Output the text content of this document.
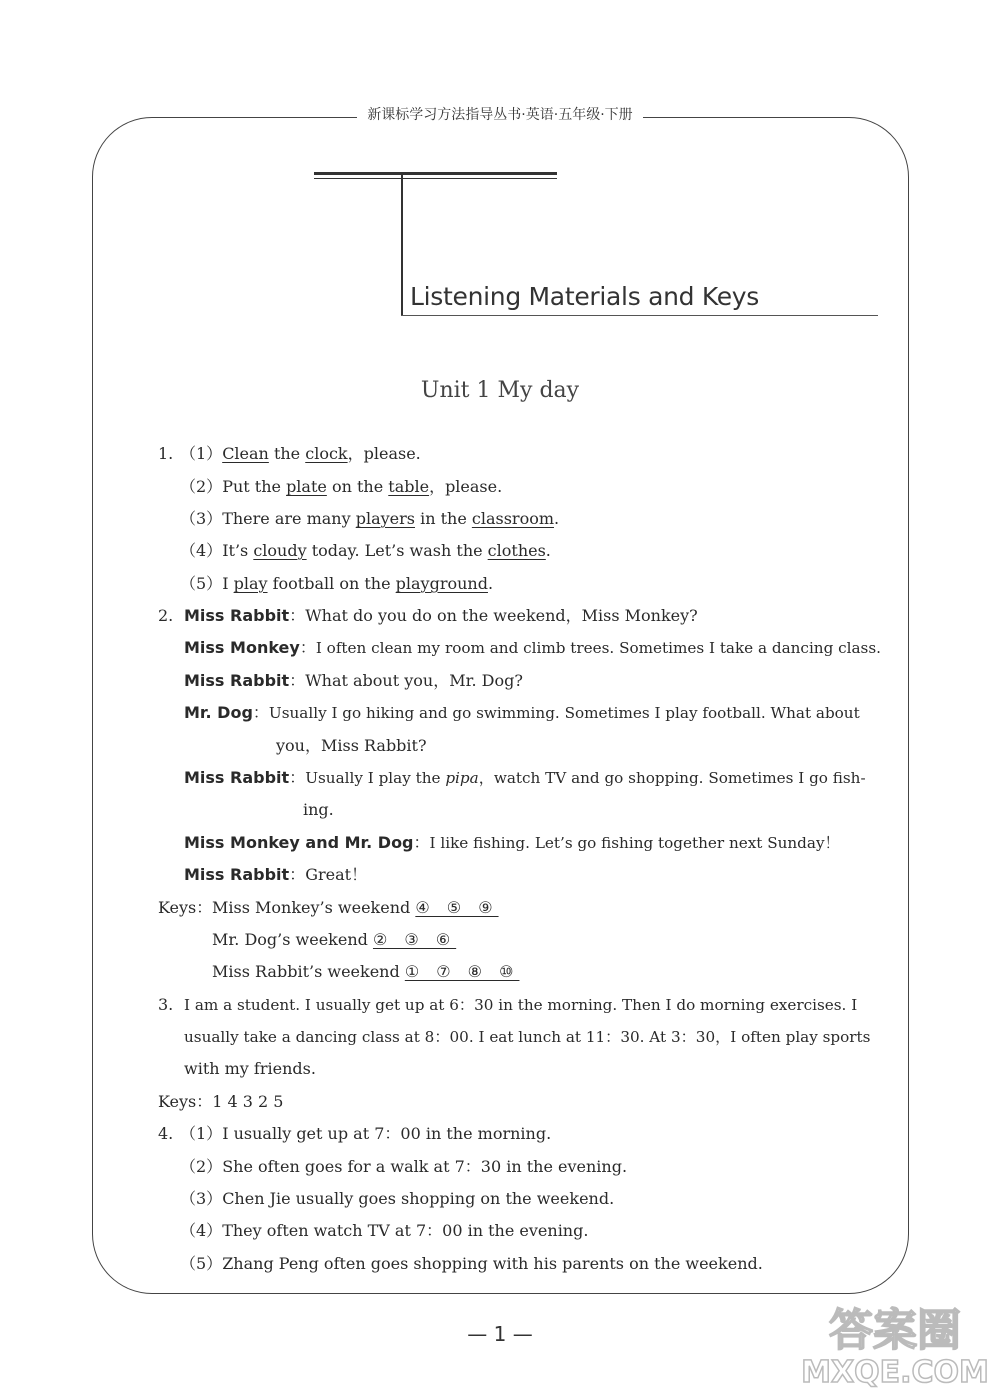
新课标学习方法指导丛书·英语·五年级·下册
Listening Materials and Keys
Unit 1 My day
1. （1）Clean the clock，please.
（2）Put the plate on the table，please.
（3）There are many players in the classroom.
（4）It’s cloudy today. Let’s wash the clothes.
（5）I play football on the playground.
2. Miss Rabbit：What do you do on the weekend，Miss Monkey?
Miss Monkey：I often clean my room and climb trees. Sometimes I take a dancing class.
Miss Rabbit：What about you，Mr. Dog?
Mr. Dog：Usually I go hiking and go swimming. Sometimes I play football. What about
you，Miss Rabbit?
Miss Rabbit：Usually I play the pipa，watch TV and go shopping. Sometimes I go fish-
ing.
Miss Monkey and Mr. Dog：I like fishing. Let’s go fishing together next Sunday！
Miss Rabbit：Great！
Keys： Miss Monkey’s weekend ④ ⑤ ⑨
Mr. Dog’s weekend ② ③ ⑥
Miss Rabbit’s weekend ① ⑦ ⑧ ⑩
3. I am a student. I usually get up at 6：30 in the morning. Then I do morning exercises. I
usually take a dancing class at 8：00. I eat lunch at 11：30. At 3：30，I often play sports
with my friends.
Keys：1 4 3 2 5
4. （1）I usually get up at 7：00 in the morning.
（2）She often goes for a walk at 7：30 in the evening.
（3）Chen Jie usually goes shopping on the weekend.
（4）They often watch TV at 7：00 in the evening.
（5）Zhang Peng often goes shopping with his parents on the weekend.
— 1 —	答案圈
MXQE.COM
